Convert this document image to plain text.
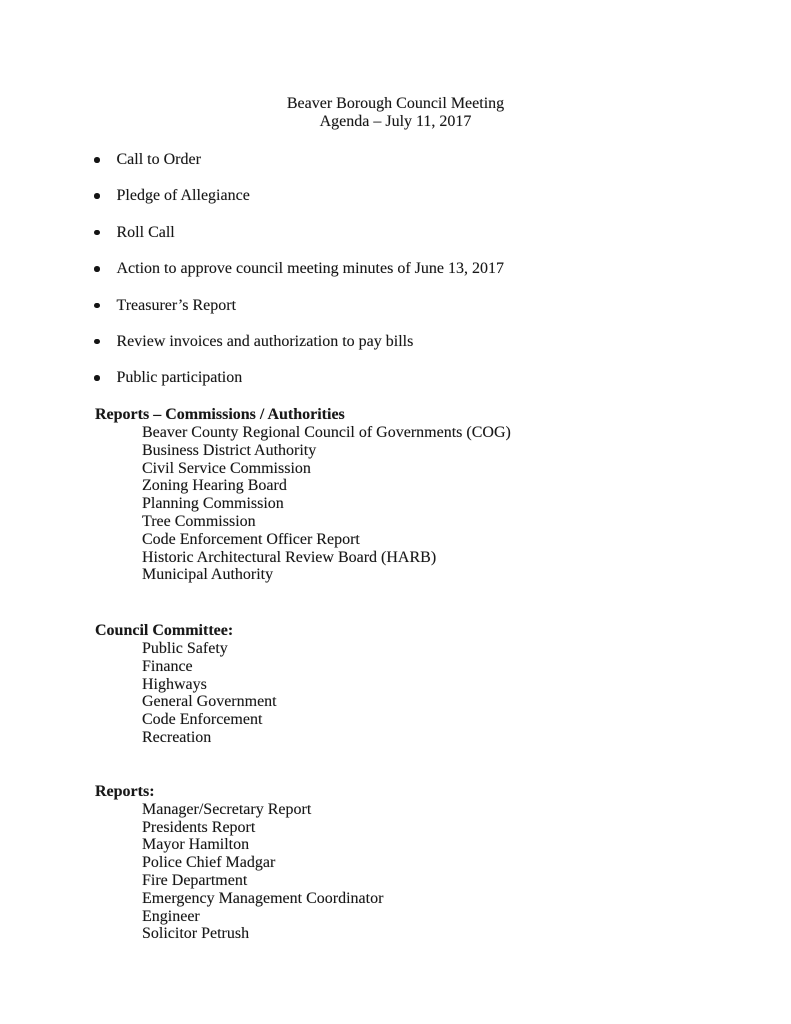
Beaver Borough Council Meeting
Agenda – July 11, 2017
Call to Order
Pledge of Allegiance
Roll Call
Action to approve council meeting minutes of June 13, 2017
Treasurer’s Report
Review invoices and authorization to pay bills
Public participation
Reports – Commissions / Authorities
Beaver County Regional Council of Governments (COG)
Business District Authority
Civil Service Commission
Zoning Hearing Board
Planning Commission
Tree Commission
Code Enforcement Officer Report
Historic Architectural Review Board (HARB)
Municipal Authority
Council Committee:
Public Safety
Finance
Highways
General Government
Code Enforcement
Recreation
Reports:
Manager/Secretary Report
Presidents Report
Mayor Hamilton
Police Chief Madgar
Fire Department
Emergency Management Coordinator
Engineer
Solicitor Petrush
